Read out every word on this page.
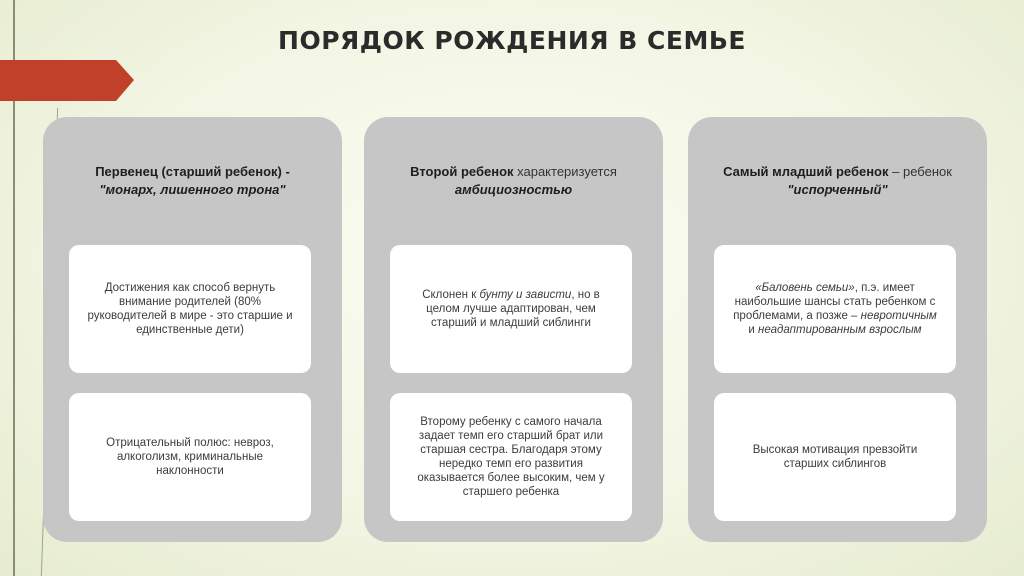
ПОРЯДОК РОЖДЕНИЯ В СЕМЬЕ
Первенец (старший ребенок) -
"монарх, лишенного трона"

Достижения как способ вернуть внимание родителей (80% руководителей в мире - это старшие и единственные дети)

Отрицательный полюс: невроз, алкоголизм, криминальные наклонности

Второй ребенок характеризуется
амбициозностью

Склонен к бунту и зависти, но в целом лучше адаптирован, чем старший и младший сиблинги

Второму ребенку с самого начала задает темп его старший брат или старшая сестра. Благодаря этому нередко темп его развития оказывается более высоким, чем у старшего ребенка

Самый младший ребенок – ребенок "испорченный"

«Баловень семьи», п.э. имеет наибольшие шансы стать ребенком с проблемами, а позже – невротичным и неадаптированным взрослым

Высокая мотивация превзойти старших сиблингов
